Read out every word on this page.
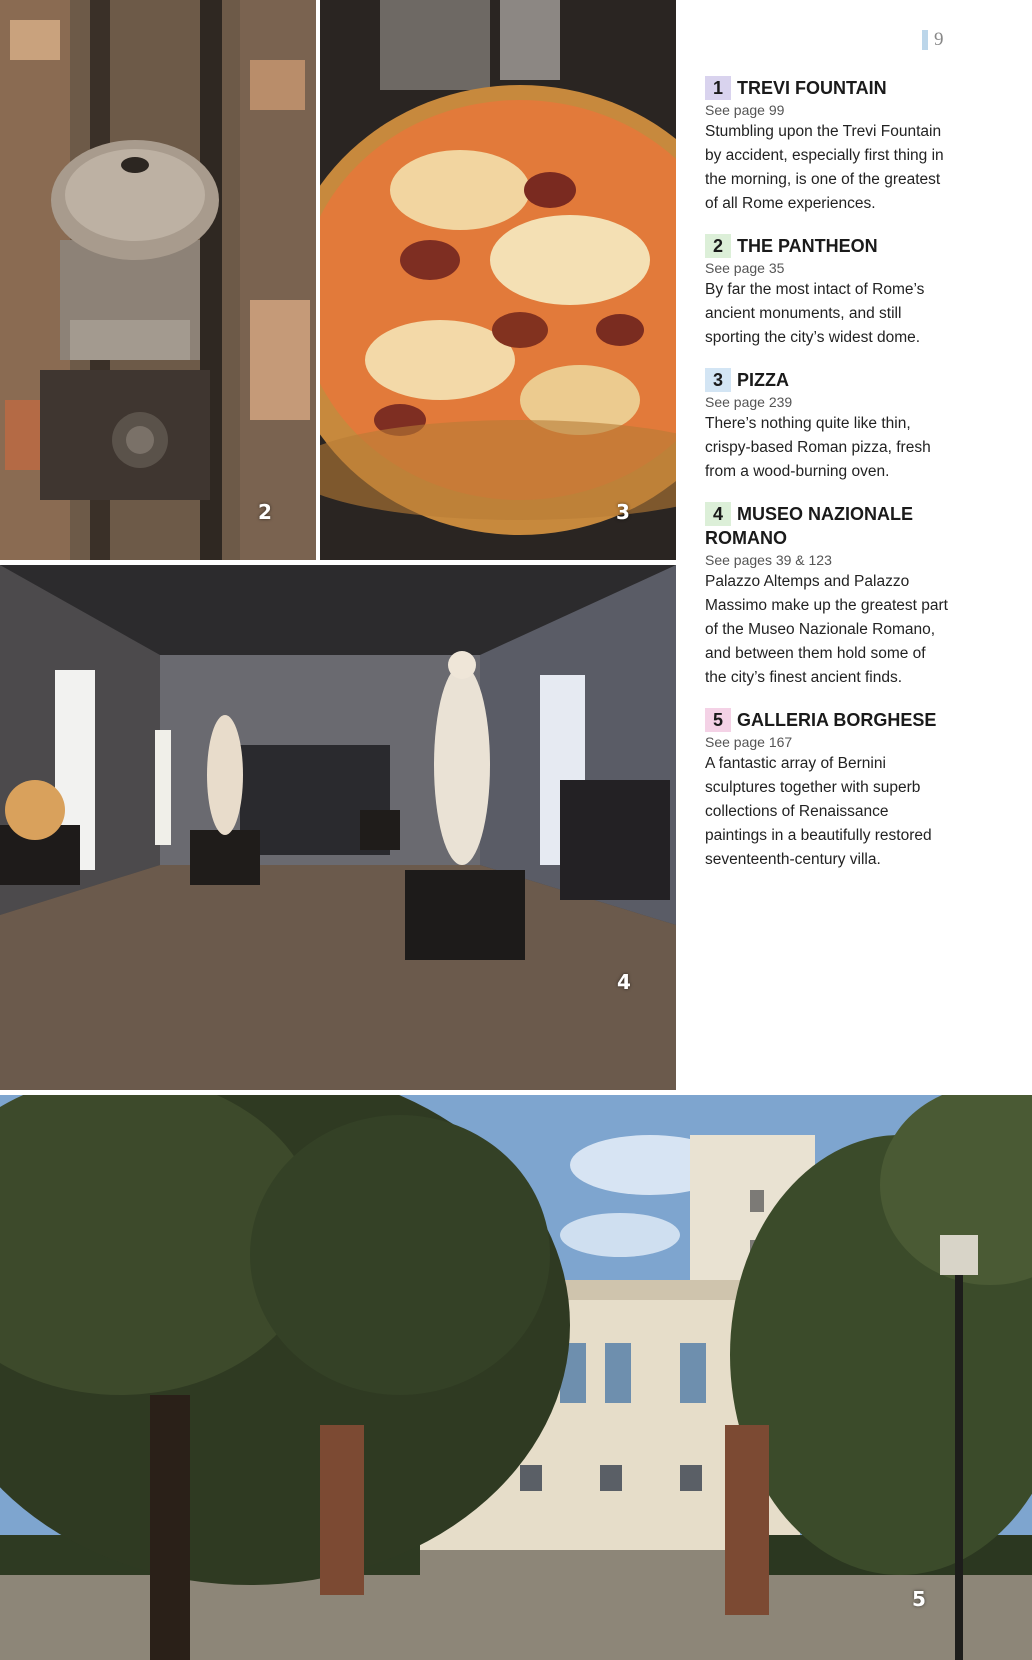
2	3
4
5
9
1 TREVI FOUNTAIN
See page 99
Stumbling upon the Trevi Fountain by accident, especially first thing in the morning, is one of the greatest of all Rome experiences.
2 THE PANTHEON
See page 35
By far the most intact of Rome’s ancient monuments, and still sporting the city’s widest dome.
3 PIZZA
See page 239
There’s nothing quite like thin, crispy-based Roman pizza, fresh from a wood-burning oven.
4 MUSEO NAZIONALE ROMANO
See pages 39 & 123
Palazzo Altemps and Palazzo Massimo make up the greatest part of the Museo Nazionale Romano, and between them hold some of the city’s finest ancient finds.
5 GALLERIA BORGHESE
See page 167
A fantastic array of Bernini sculptures together with superb collections of Renaissance paintings in a beautifully restored seventeenth-century villa.
